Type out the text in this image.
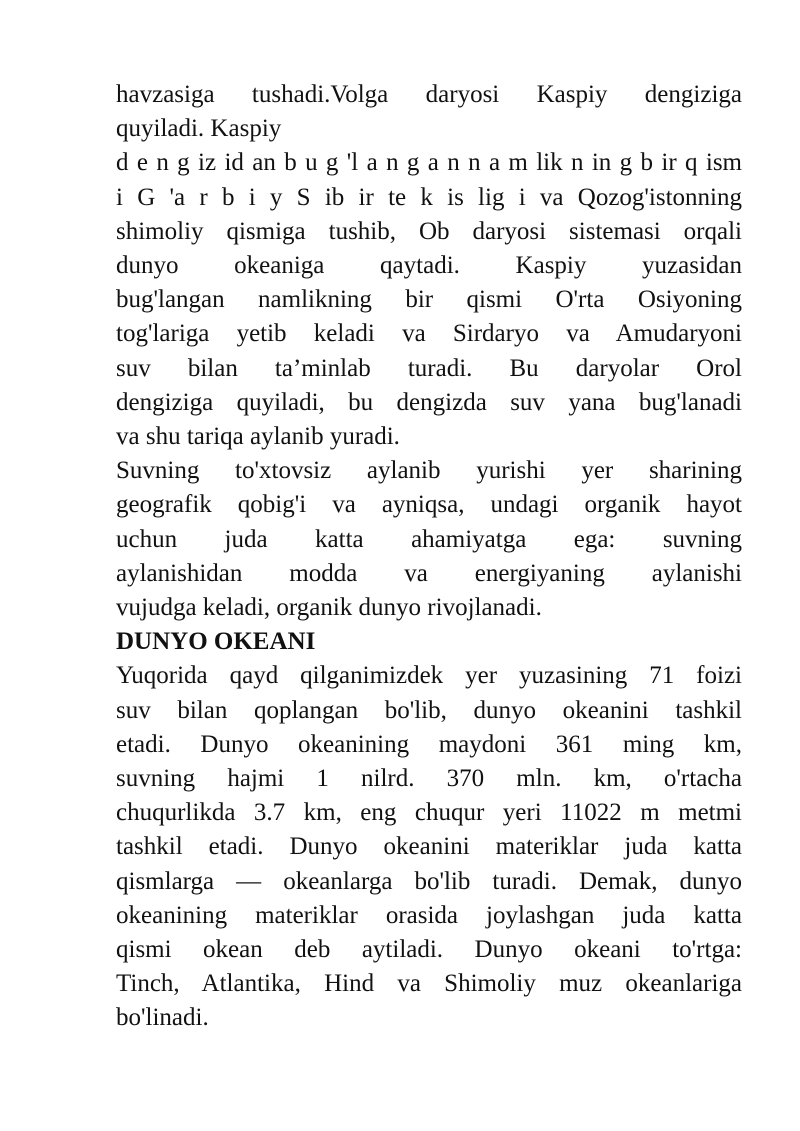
havzasiga tushadi.Volga daryosi Kaspiy dengiziga
quyiladi. Kaspiy
d e n g iz id an b u g 'l a n g a n n a m lik n in g b ir q ism
i G 'a r b i y S ib ir te k is lig i va Qozog'istonning
shimoliy qismiga tushib, Ob daryosi sistemasi orqali
dunyo okeaniga qaytadi. Kaspiy yuzasidan
bug'langan namlikning bir qismi O'rta Osiyoning
tog'lariga yetib keladi va Sirdaryo va Amudaryoni
suv bilan ta’minlab turadi. Bu daryolar Orol
dengiziga quyiladi, bu dengizda suv yana bug'lanadi
va shu tariqa aylanib yuradi.

Suvning to'xtovsiz aylanib yurishi yer sharining
geografik qobig'i va ayniqsa, undagi organik hayot
uchun juda katta ahamiyatga ega: suvning
aylanishidan modda va energiyaning aylanishi
vujudga keladi, organik dunyo rivojlanadi.

DUNYO OKEANI

Yuqorida qayd qilganimizdek yer yuzasining 71 foizi
suv bilan qoplangan bo'lib, dunyo okeanini tashkil
etadi. Dunyo okeanining maydoni 361 ming km,
suvning hajmi 1 nilrd. 370 mln. km, o'rtacha
chuqurlikda 3.7 km, eng chuqur yeri 11022 m metmi
tashkil etadi. Dunyo okeanini materiklar juda katta
qismlarga — okeanlarga bo'lib turadi. Demak, dunyo
okeanining materiklar orasida joylashgan juda katta
qismi okean deb aytiladi. Dunyo okeani to'rtga:
Tinch, Atlantika, Hind va Shimoliy muz okeanlariga
bo'linadi.
